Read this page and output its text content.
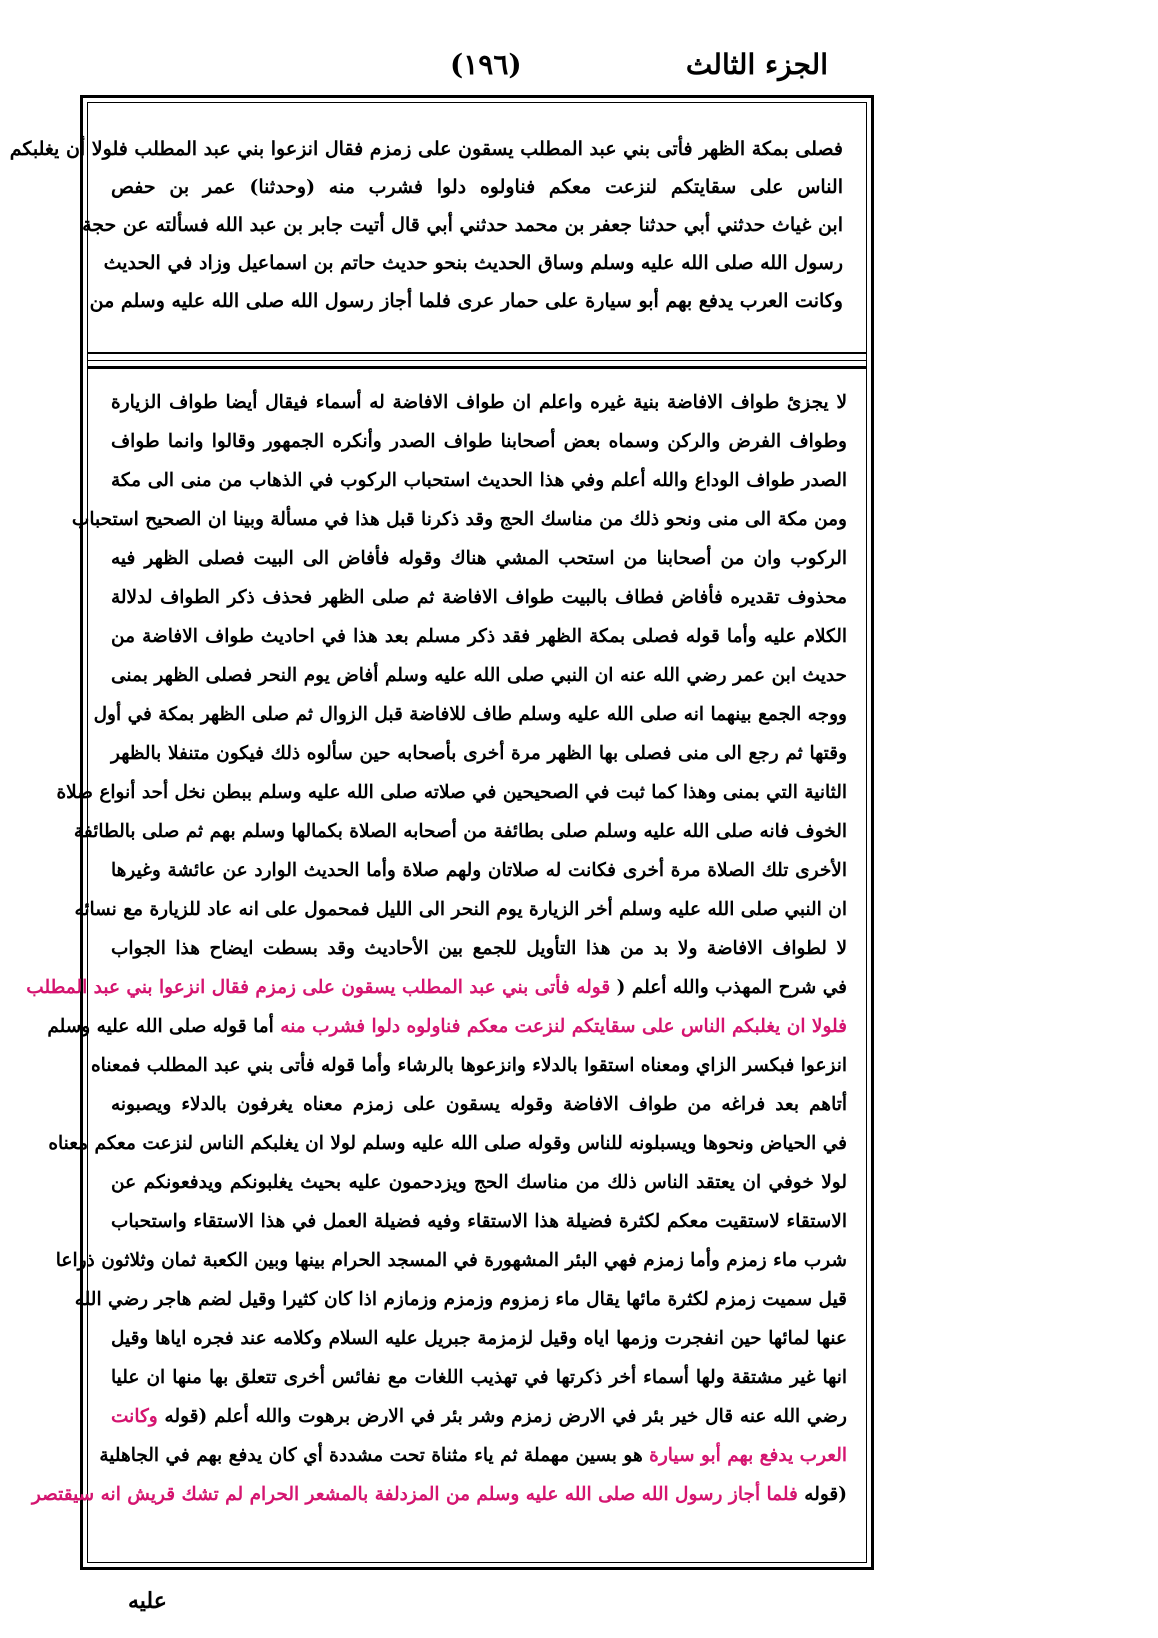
الجزء الثالث
(١٩٦)
فصلى بمكة الظهر فأتى بني عبد المطلب يسقون على زمزم فقال انزعوا بني عبد المطلب فلولا أن يغلبكم
الناس على سقايتكم لنزعت معكم فناولوه دلوا فشرب منه (وحدثنا) عمر بن حفص
ابن غياث حدثني أبي حدثنا جعفر بن محمد حدثني أبي قال أتيت جابر بن عبد الله فسألته عن حجة
رسول الله صلى الله عليه وسلم وساق الحديث بنحو حديث حاتم بن اسماعيل وزاد في الحديث
وكانت العرب يدفع بهم أبو سيارة على حمار عرى فلما أجاز رسول الله صلى الله عليه وسلم من
لا يجزئ طواف الافاضة بنية غيره واعلم ان طواف الافاضة له أسماء فيقال أيضا طواف الزيارة
وطواف الفرض والركن وسماه بعض أصحابنا طواف الصدر وأنكره الجمهور وقالوا وانما طواف
الصدر طواف الوداع والله أعلم وفي هذا الحديث استحباب الركوب في الذهاب من منى الى مكة
ومن مكة الى منى ونحو ذلك من مناسك الحج وقد ذكرنا قبل هذا في مسألة وبينا ان الصحيح استحباب
الركوب وان من أصحابنا من استحب المشي هناك وقوله فأفاض الى البيت فصلى الظهر فيه
محذوف تقديره فأفاض فطاف بالبيت طواف الافاضة ثم صلى الظهر فحذف ذكر الطواف لدلالة
الكلام عليه وأما قوله فصلى بمكة الظهر فقد ذكر مسلم بعد هذا في احاديث طواف الافاضة من
حديث ابن عمر رضي الله عنه ان النبي صلى الله عليه وسلم أفاض يوم النحر فصلى الظهر بمنى
ووجه الجمع بينهما انه صلى الله عليه وسلم طاف للافاضة قبل الزوال ثم صلى الظهر بمكة في أول
وقتها ثم رجع الى منى فصلى بها الظهر مرة أخرى بأصحابه حين سألوه ذلك فيكون متنفلا بالظهر
الثانية التي بمنى وهذا كما ثبت في الصحيحين في صلاته صلى الله عليه وسلم ببطن نخل أحد أنواع صلاة
الخوف فانه صلى الله عليه وسلم صلى بطائفة من أصحابه الصلاة بكمالها وسلم بهم ثم صلى بالطائفة
الأخرى تلك الصلاة مرة أخرى فكانت له صلاتان ولهم صلاة وأما الحديث الوارد عن عائشة وغيرها
ان النبي صلى الله عليه وسلم أخر الزيارة يوم النحر الى الليل فمحمول على انه عاد للزيارة مع نسائه
لا لطواف الافاضة ولا بد من هذا التأويل للجمع بين الأحاديث وقد بسطت ايضاح هذا الجواب
في شرح المهذب والله أعلم ( قوله فأتى بني عبد المطلب يسقون على زمزم فقال انزعوا بني عبد المطلب
فلولا ان يغلبكم الناس على سقايتكم لنزعت معكم فناولوه دلوا فشرب منه أما قوله صلى الله عليه وسلم
انزعوا فبكسر الزاي ومعناه استقوا بالدلاء وانزعوها بالرشاء وأما قوله فأتى بني عبد المطلب فمعناه
أتاهم بعد فراغه من طواف الافاضة وقوله يسقون على زمزم معناه يغرفون بالدلاء ويصبونه
في الحياض ونحوها ويسبلونه للناس وقوله صلى الله عليه وسلم لولا ان يغلبكم الناس لنزعت معكم معناه
لولا خوفي ان يعتقد الناس ذلك من مناسك الحج ويزدحمون عليه بحيث يغلبونكم ويدفعونكم عن
الاستقاء لاستقيت معكم لكثرة فضيلة هذا الاستقاء وفيه فضيلة العمل في هذا الاستقاء واستحباب
شرب ماء زمزم وأما زمزم فهي البئر المشهورة في المسجد الحرام بينها وبين الكعبة ثمان وثلاثون ذراعا
قيل سميت زمزم لكثرة مائها يقال ماء زمزوم وزمزم وزمازم اذا كان كثيرا وقيل لضم هاجر رضي الله
عنها لمائها حين انفجرت وزمها اياه وقيل لزمزمة جبريل عليه السلام وكلامه عند فجره اياها وقيل
انها غير مشتقة ولها أسماء أخر ذكرتها في تهذيب اللغات مع نفائس أخرى تتعلق بها منها ان عليا
رضي الله عنه قال خير بئر في الارض زمزم وشر بئر في الارض برهوت والله أعلم (قوله وكانت
العرب يدفع بهم أبو سيارة هو بسين مهملة ثم ياء مثناة تحت مشددة أي كان يدفع بهم في الجاهلية
(قوله فلما أجاز رسول الله صلى الله عليه وسلم من المزدلفة بالمشعر الحرام لم تشك قريش انه سيقتصر
عليه
